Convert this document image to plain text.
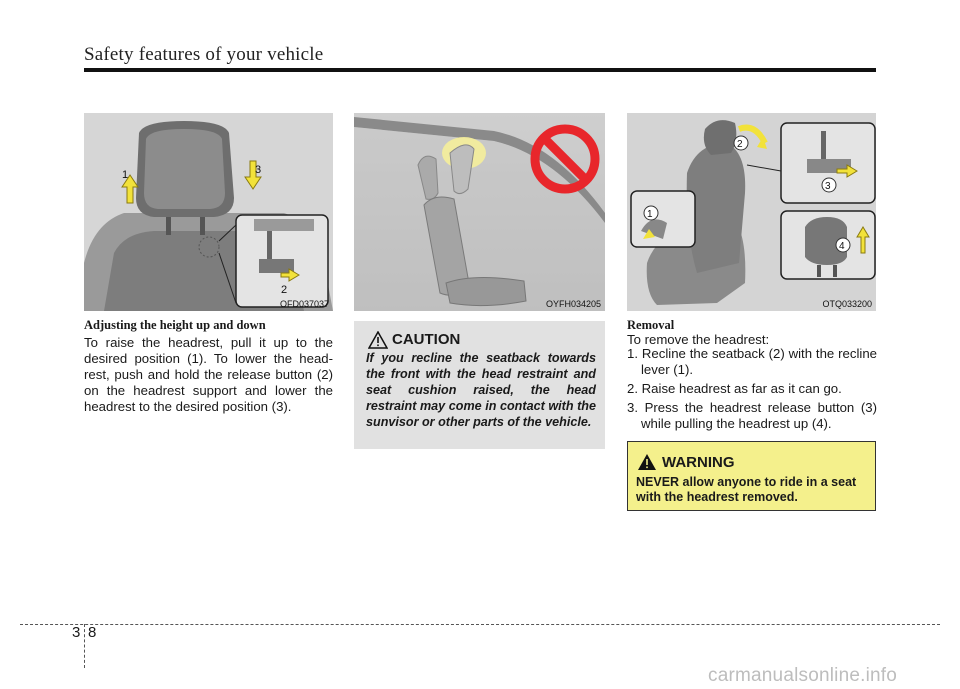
Safety features of your vehicle
1	3
2
OFD037037	OYFH034205
2
1
3
4
OTQ033200
Adjusting the height up and down
To raise the headrest, pull it up to the desired position (1). To lower the head-rest, push and hold the release button (2) on the headrest support and lower the headrest to the desired position (3).
CAUTION
If you recline the seatback towards the front with the head restraint and seat cushion raised, the head restraint may come in contact with the sunvisor or other parts of the vehicle.
Removal
To remove the headrest:
1. Recline the seatback (2) with the recline lever (1).
2. Raise headrest as far as it can go.
3. Press the headrest release button (3) while pulling the headrest up (4).
WARNING
NEVER allow anyone to ride in a seat with the headrest removed.
3 8
carmanualsonline.info
